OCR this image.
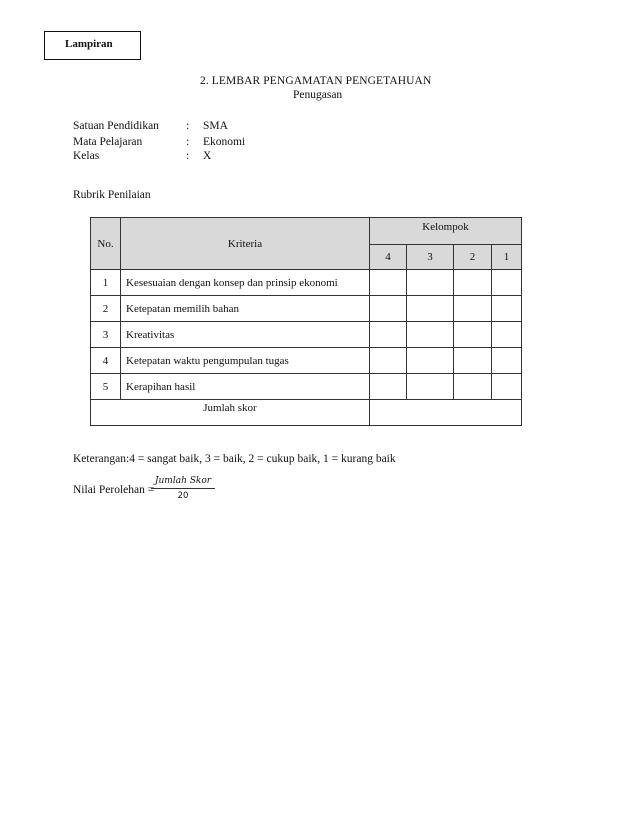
Lampiran
2. LEMBAR PENGAMATAN PENGETAHUAN
Penugasan
Satuan Pendidikan : SMA
Mata Pelajaran	: Ekonomi
Kelas	: X
Rubrik Penilaian
No.	Kriteria	Kelompok			
		4	3	2	1
1	Kesesuaian dengan konsep dan prinsip ekonomi				
2	Ketepatan memilih bahan				
3	Kreativitas				
4	Ketepatan waktu pengumpulan tugas				
5	Kerapihan hasil				
Jumlah skor					
Keterangan:4 = sangat baik, 3 = baik, 2 = cukup baik, 1 = kurang baik
Nilai Perolehan =
Jumlah Skor
20
